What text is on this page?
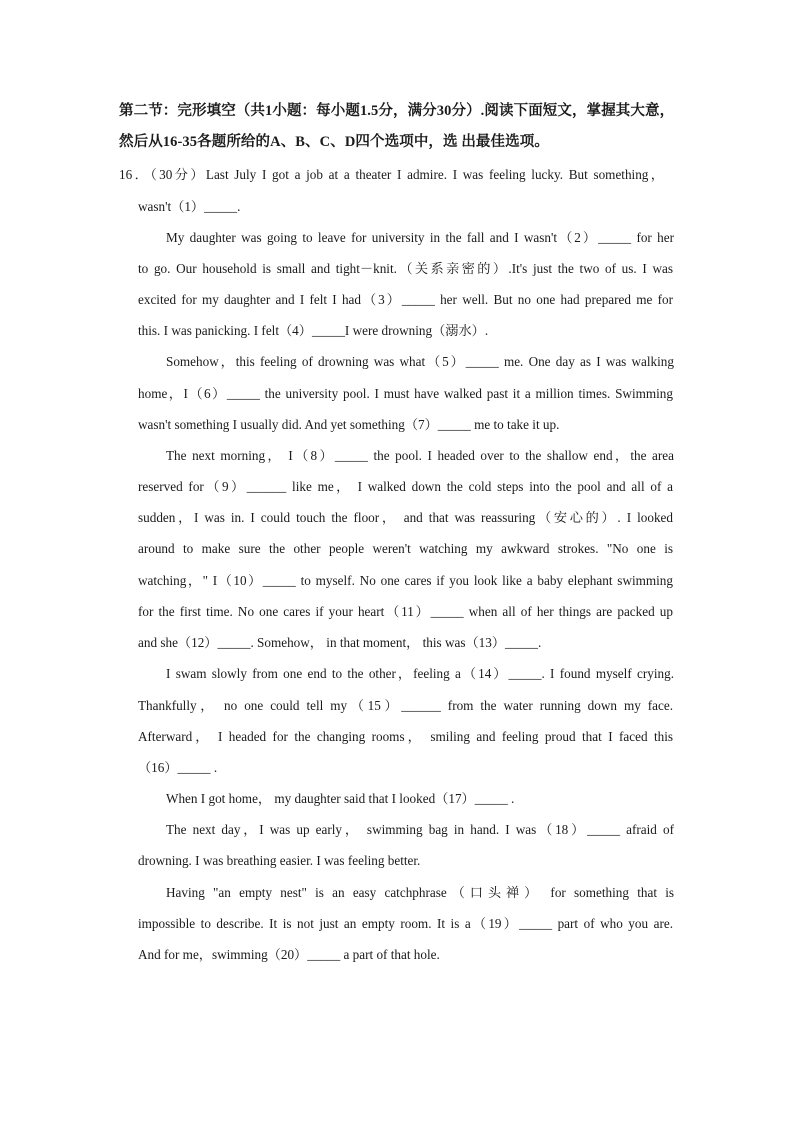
第二节：完形填空（共1小题：每小题1.5分，满分30分）.阅读下面短文，掌握其大意，
然后从16-35各题所给的A、B、C、D四个选项中，选 出最佳选项。
16．（30分）Last July I got a job at a theater I admire. I was feeling lucky. But something，
wasn't（1）_____.
My daughter was going to leave for university in the fall and I wasn't（2）_____ for her
to go. Our household is small and tight－knit.（关系亲密的）.It's just the two of us. I was
excited for my daughter and I felt I had（3）_____ her well. But no one had prepared me for
this. I was panicking. I felt（4）_____I were drowning（溺水）.
Somehow，this feeling of drowning was what（5）_____ me. One day as I was walking
home，I（6）_____ the university pool. I must have walked past it a million times. Swimming
wasn't something I usually did. And yet something（7）_____ me to take it up.
The next morning， I（8）_____ the pool. I headed over to the shallow end，the area
reserved for（9）______ like me， I walked down the cold steps into the pool and all of a
sudden，I was in. I could touch the floor， and that was reassuring（安心的）. I looked
around to make sure the other people weren't watching my awkward strokes. "No one is
watching，" I（10）_____ to myself. No one cares if you look like a baby elephant swimming
for the first time. No one cares if your heart（11）_____ when all of her things are packed up
and she（12）_____. Somehow， in that moment， this was（13）_____.
I swam slowly from one end to the other，feeling a（14）_____. I found myself crying.
Thankfully， no one could tell my（15）______ from the water running down my face.
Afterward， I headed for the changing rooms， smiling and feeling proud that I faced this
（16）_____ .
When I got home， my daughter said that I looked（17）_____ .
The next day，I was up early， swimming bag in hand. I was（18）_____ afraid of
drowning. I was breathing easier. I was feeling better.
Having "an empty nest" is an easy catchphrase（口头禅） for something that is
impossible to describe. It is not just an empty room. It is a（19）_____ part of who you are.
And for me，swimming（20）_____ a part of that hole.
